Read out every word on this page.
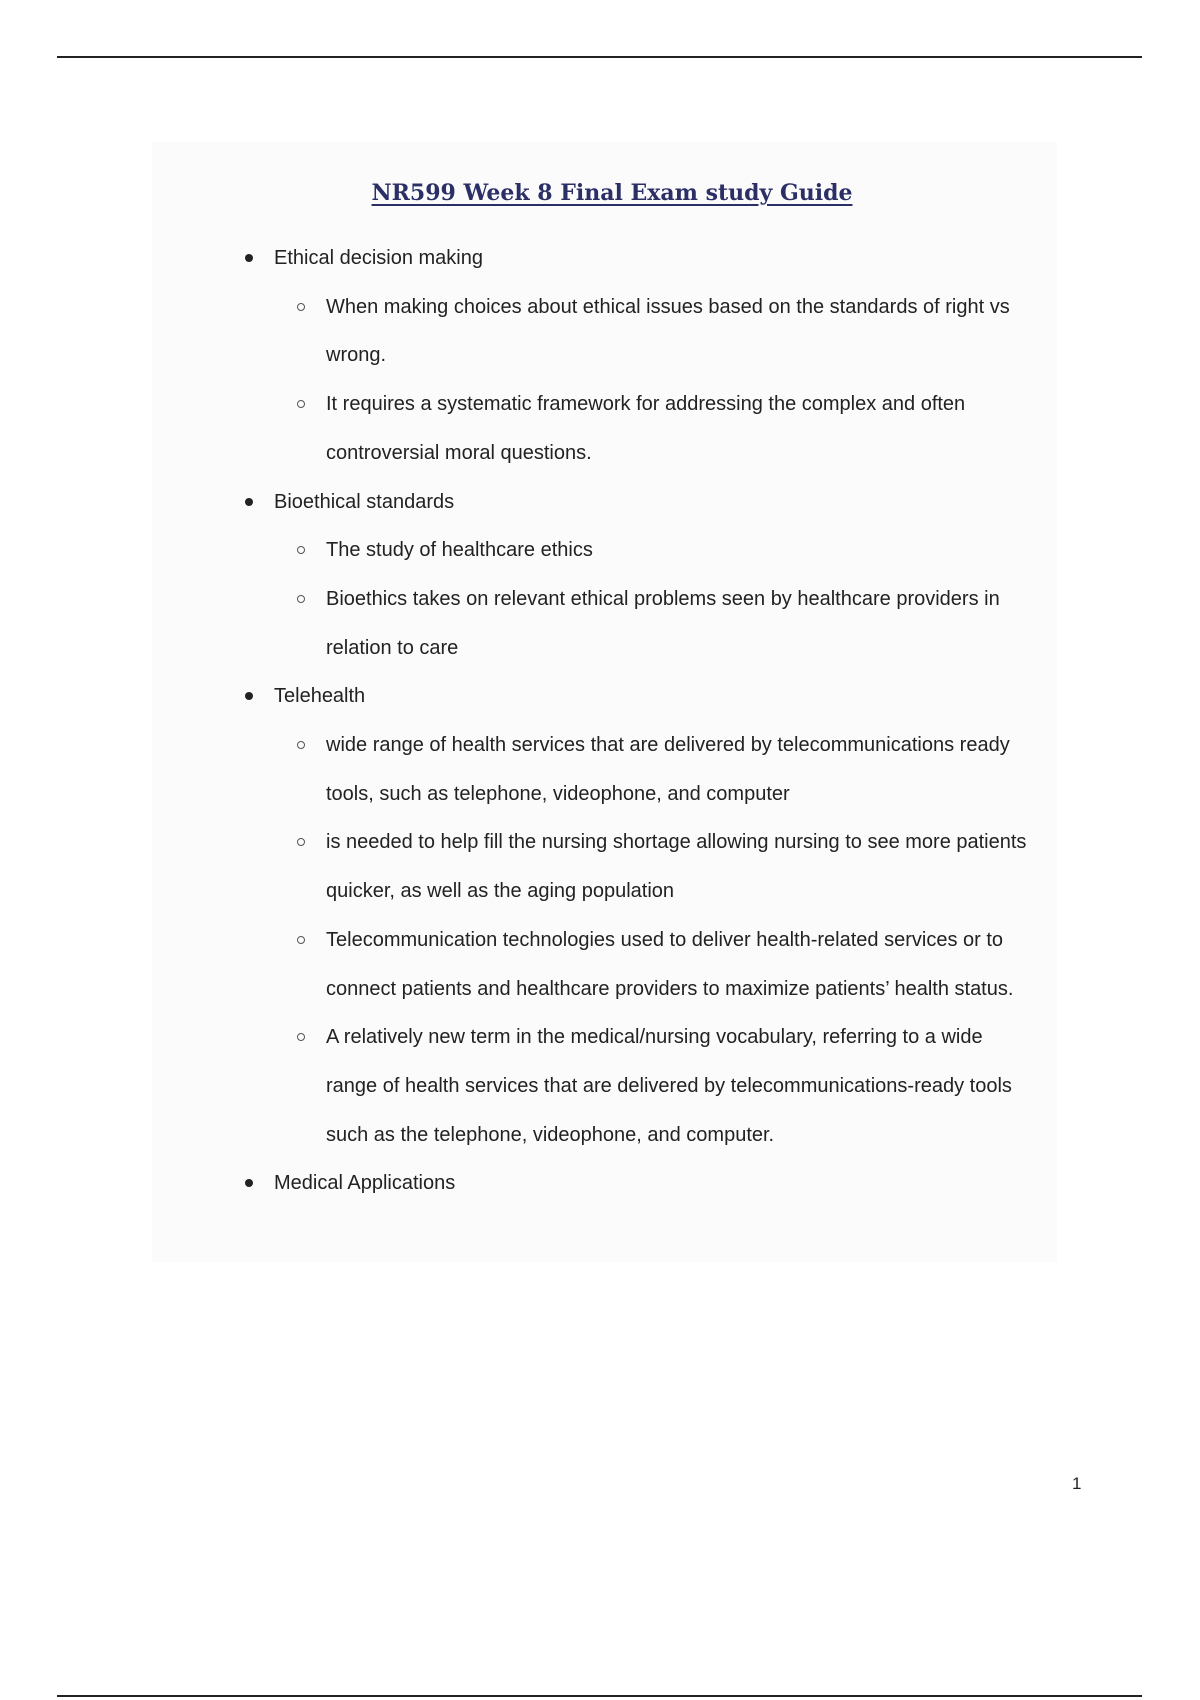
NR599 Week 8 Final Exam study Guide
Ethical decision making
When making choices about ethical issues based on the standards of right vs wrong.
It requires a systematic framework for addressing the complex and often controversial moral questions.
Bioethical standards
The study of healthcare ethics
Bioethics takes on relevant ethical problems seen by healthcare providers in relation to care
Telehealth
wide range of health services that are delivered by telecommunications ready tools, such as telephone, videophone, and computer
is needed to help fill the nursing shortage allowing nursing to see more patients quicker, as well as the aging population
Telecommunication technologies used to deliver health-related services or to connect patients and healthcare providers to maximize patients’ health status.
A relatively new term in the medical/nursing vocabulary, referring to a wide range of health services that are delivered by telecommunications-ready tools such as the telephone, videophone, and computer.
Medical Applications
1
